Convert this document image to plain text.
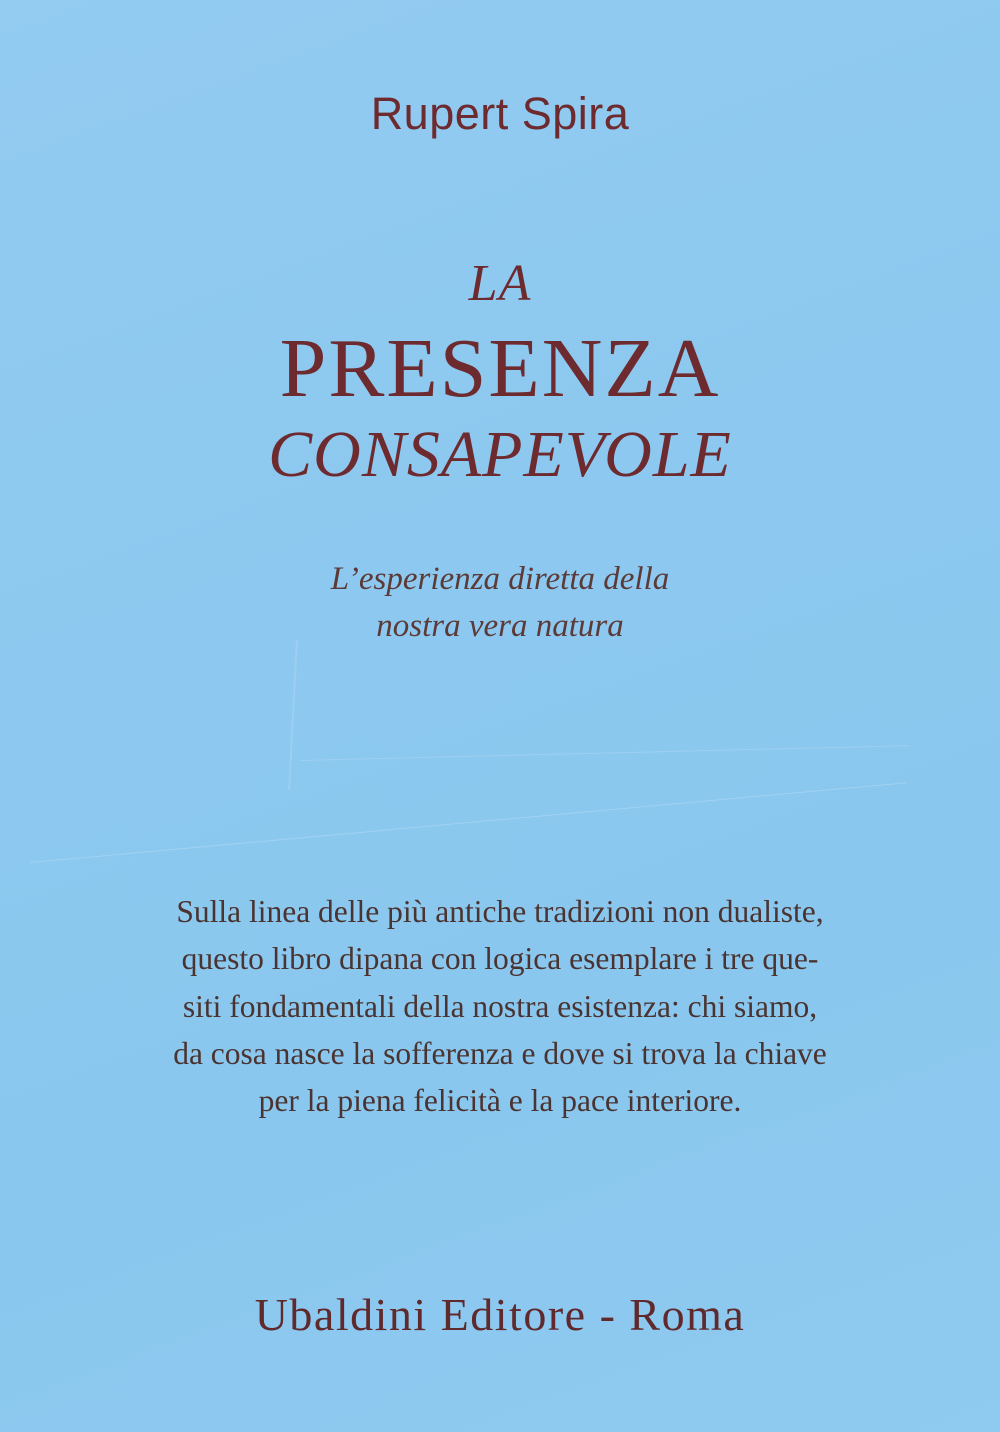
Rupert Spira
LA
PRESENZA
CONSAPEVOLE
L’esperienza diretta della
nostra vera natura
Sulla linea delle più antiche tradizioni non dualiste,
questo libro dipana con logica esemplare i tre que-
siti fondamentali della nostra esistenza: chi siamo,
da cosa nasce la sofferenza e dove si trova la chiave
per la piena felicità e la pace interiore.
Ubaldini Editore - Roma
